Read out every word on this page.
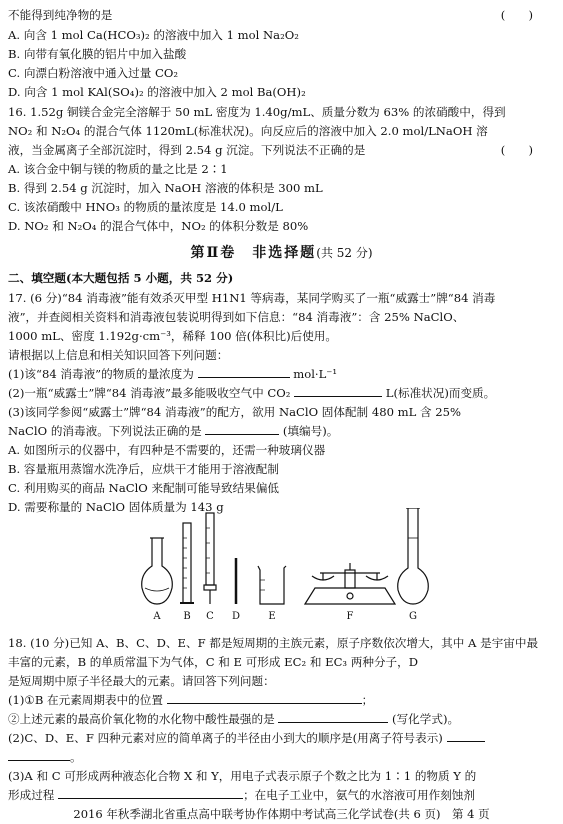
不能得到纯净物的是	(　　)
A. 向含 1 mol Ca(HCO₃)₂ 的溶液中加入 1 mol Na₂O₂
B. 向带有氧化膜的铝片中加入盐酸
C. 向漂白粉溶液中通入过量 CO₂
D. 向含 1 mol KAl(SO₄)₂ 的溶液中加入 2 mol Ba(OH)₂
16. 1.52g 铜镁合金完全溶解于 50 mL 密度为 1.40g/mL、质量分数为 63% 的浓硝酸中，得到
NO₂ 和 N₂O₄ 的混合气体 1120mL(标准状况)。向反应后的溶液中加入 2.0 mol/LNaOH 溶
液，当金属离子全部沉淀时，得到 2.54 g 沉淀。下列说法不正确的是	(　　)
A. 该合金中铜与镁的物质的量之比是 2∶1
B. 得到 2.54 g 沉淀时，加入 NaOH 溶液的体积是 300 mL
C. 该浓硝酸中 HNO₃ 的物质的量浓度是 14.0 mol/L
D. NO₂ 和 N₂O₄ 的混合气体中，NO₂ 的体积分数是 80%
第Ⅱ卷　非选择题(共 52 分)
二、填空题(本大题包括 5 小题，共 52 分)
17. (6 分)“84 消毒液”能有效杀灭甲型 H1N1 等病毒，某同学购买了一瓶“威露士”牌“84 消毒
液”，并查阅相关资料和消毒液包装说明得到如下信息：“84 消毒液”：含 25% NaClO、
1000 mL、密度 1.192g·cm⁻³，稀释 100 倍(体积比)后使用。
请根据以上信息和相关知识回答下列问题：
(1)该“84 消毒液”的物质的量浓度为	mol·L⁻¹
(2)一瓶“威露士”牌“84 消毒液”最多能吸收空气中 CO₂	L(标准状况)而变质。
(3)该同学参阅“威露士”牌“84 消毒液”的配方，欲用 NaClO 固体配制 480 mL 含 25%
NaClO 的消毒液。下列说法正确的是	(填编号)。
A. 如图所示的仪器中，有四种是不需要的，还需一种玻璃仪器
B. 容量瓶用蒸馏水洗净后，应烘干才能用于溶液配制
C. 利用购买的商品 NaClO 来配制可能导致结果偏低
D. 需要称量的 NaClO 固体质量为 143 g
A B C D	E	F	G
18. (10 分)已知 A、B、C、D、E、F 都是短周期的主族元素，原子序数依次增大，其中 A 是宇宙中最
丰富的元素，B 的单质常温下为气体，C 和 E 可形成 EC₂ 和 EC₃ 两种分子，D
是短周期中原子半径最大的元素。请回答下列问题：
(1)①B 在元素周期表中的位置	；
②上述元素的最高价氧化物的水化物中酸性最强的是	(写化学式)。
(2)C、D、E、F 四种元素对应的简单离子的半径由小到大的顺序是(用离子符号表示)
。
(3)A 和 C 可形成两种液态化合物 X 和 Y，用电子式表示原子个数之比为 1∶1 的物质 Y 的
形成过程	；在电子工业中，氨气的水溶液可用作刻蚀剂
2016 年秋季湖北省重点高中联考协作体期中考试高三化学试卷(共 6 页)　第 4 页
